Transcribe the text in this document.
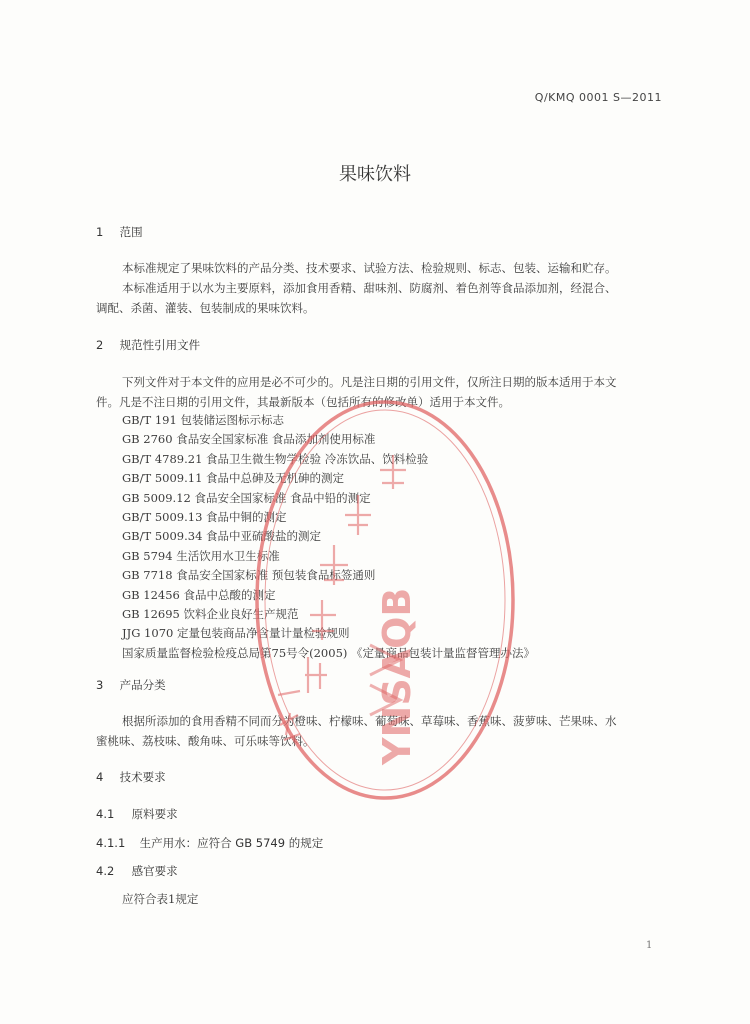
Q/KMQ 0001 S—2011
果味饮料
1 范围
本标准规定了果味饮料的产品分类、技术要求、试验方法、检验规则、标志、包装、运输和贮存。
本标准适用于以水为主要原料，添加食用香精、甜味剂、防腐剂、着色剂等食品添加剂，经混合、
调配、杀菌、灌装、包装制成的果味饮料。
2 规范性引用文件
下列文件对于本文件的应用是必不可少的。凡是注日期的引用文件，仅所注日期的版本适用于本文
件。凡是不注日期的引用文件，其最新版本（包括所有的修改单）适用于本文件。
GB/T 191 包装储运图标示标志
GB 2760 食品安全国家标准 食品添加剂使用标准
GB/T 4789.21 食品卫生微生物学检验 冷冻饮品、饮料检验
GB/T 5009.11 食品中总砷及无机砷的测定
GB 5009.12 食品安全国家标准 食品中铅的测定
GB/T 5009.13 食品中铜的测定
GB/T 5009.34 食品中亚硫酸盐的测定
GB 5794 生活饮用水卫生标准
GB 7718 食品安全国家标准 预包装食品标签通则
GB 12456 食品中总酸的测定
GB 12695 饮料企业良好生产规范
JJG 1070 定量包装商品净含量计量检验规则
国家质量监督检验检疫总局第75号令(2005) 《定量商品包装计量监督管理办法》
3 产品分类
根据所添加的食用香精不同而分为橙味、柠檬味、葡萄味、草莓味、香蕉味、菠萝味、芒果味、水
蜜桃味、荔枝味、酸角味、可乐味等饮料。
4 技术要求
4.1 原料要求
4.1.1 生产用水：应符合 GB 5749 的规定
4.2 感官要求
应符合表1规定
1
YNSAQB
